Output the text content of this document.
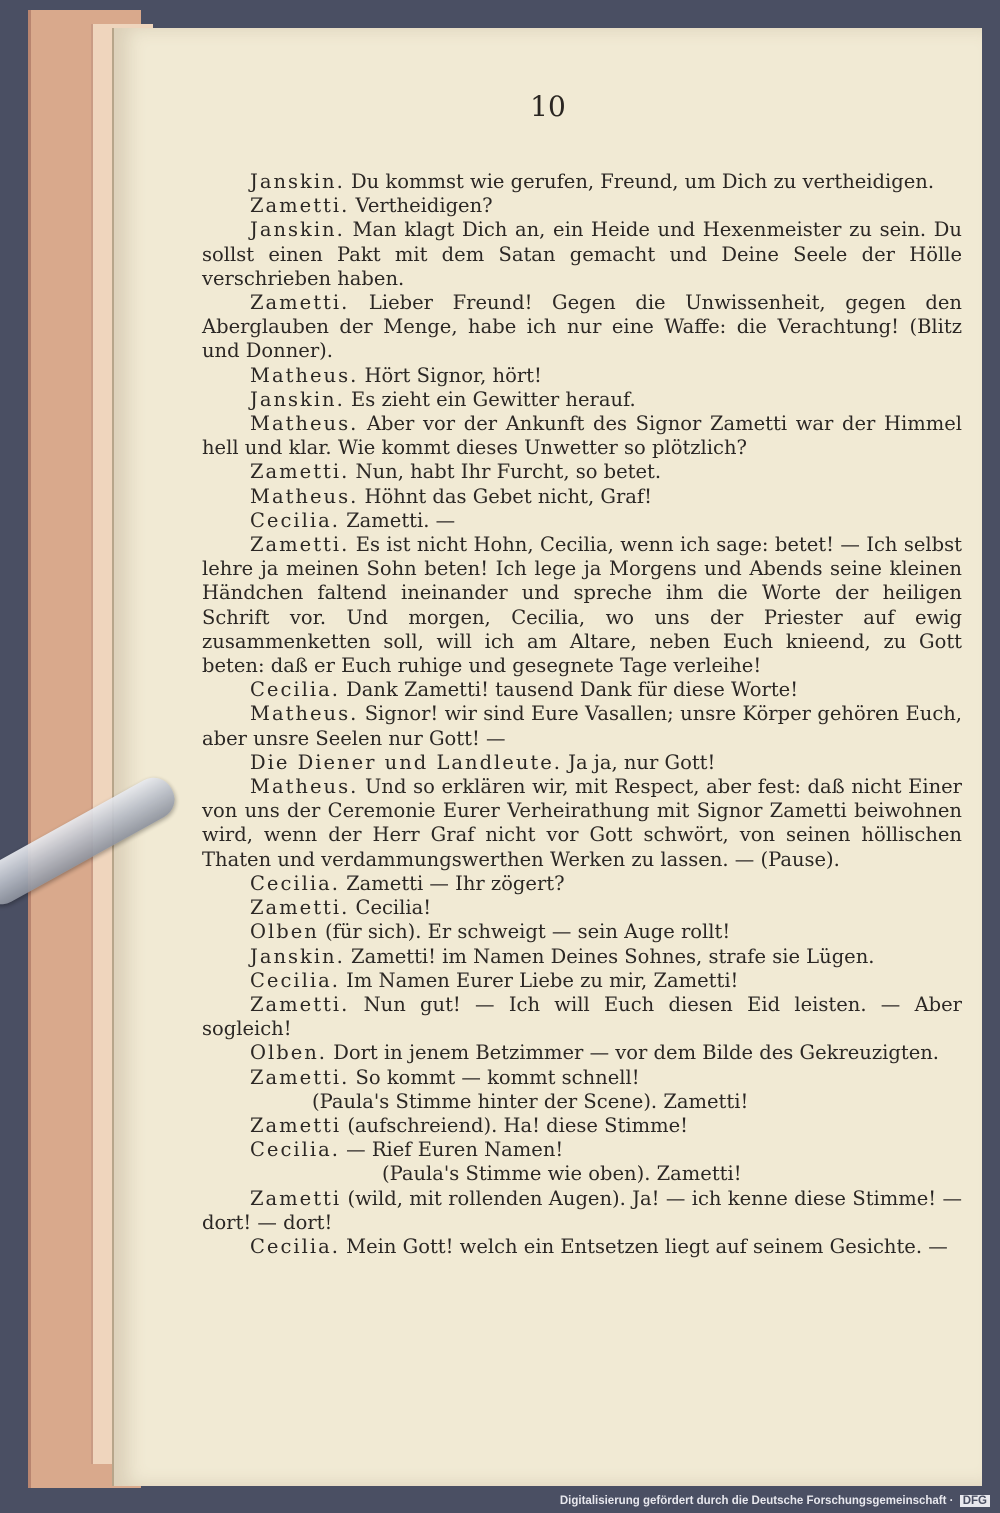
10
Janskin. Du kommst wie gerufen, Freund, um Dich zu vertheidigen.
Zametti. Vertheidigen?
Janskin. Man klagt Dich an, ein Heide und Hexenmeister zu sein. Du sollst einen Pakt mit dem Satan gemacht und Deine Seele der Hölle verschrieben haben.
Zametti. Lieber Freund! Gegen die Unwissenheit, gegen den Aberglauben der Menge, habe ich nur eine Waffe: die Verachtung! (Blitz und Donner).
Matheus. Hört Signor, hört!
Janskin. Es zieht ein Gewitter herauf.
Matheus. Aber vor der Ankunft des Signor Zametti war der Himmel hell und klar. Wie kommt dieses Unwetter so plötzlich?
Zametti. Nun, habt Ihr Furcht, so betet.
Matheus. Höhnt das Gebet nicht, Graf!
Cecilia. Zametti. —
Zametti. Es ist nicht Hohn, Cecilia, wenn ich sage: betet! — Ich selbst lehre ja meinen Sohn beten! Ich lege ja Morgens und Abends seine kleinen Händchen faltend ineinander und spreche ihm die Worte der heiligen Schrift vor. Und morgen, Cecilia, wo uns der Priester auf ewig zusammenketten soll, will ich am Altare, neben Euch knieend, zu Gott beten: daß er Euch ruhige und gesegnete Tage verleihe!
Cecilia. Dank Zametti! tausend Dank für diese Worte!
Matheus. Signor! wir sind Eure Vasallen; unsre Körper gehören Euch, aber unsre Seelen nur Gott! —
Die Diener und Landleute. Ja ja, nur Gott!
Matheus. Und so erklären wir, mit Respect, aber fest: daß nicht Einer von uns der Ceremonie Eurer Verheirathung mit Signor Zametti beiwohnen wird, wenn der Herr Graf nicht vor Gott schwört, von seinen höllischen Thaten und verdammungswerthen Werken zu lassen. — (Pause).
Cecilia. Zametti — Ihr zögert?
Zametti. Cecilia!
Olben (für sich). Er schweigt — sein Auge rollt!
Janskin. Zametti! im Namen Deines Sohnes, strafe sie Lügen.
Cecilia. Im Namen Eurer Liebe zu mir, Zametti!
Zametti. Nun gut! — Ich will Euch diesen Eid leisten. — Aber sogleich!
Olben. Dort in jenem Betzimmer — vor dem Bilde des Gekreuzigten.
Zametti. So kommt — kommt schnell!
(Paula's Stimme hinter der Scene). Zametti!
Zametti (aufschreiend). Ha! diese Stimme!
Cecilia. — Rief Euren Namen!
(Paula's Stimme wie oben). Zametti!
Zametti (wild, mit rollenden Augen). Ja! — ich kenne diese Stimme! — dort! — dort!
Cecilia. Mein Gott! welch ein Entsetzen liegt auf seinem Gesichte. —
Digitalisierung gefördert durch die Deutsche Forschungsgemeinschaft · DFG
